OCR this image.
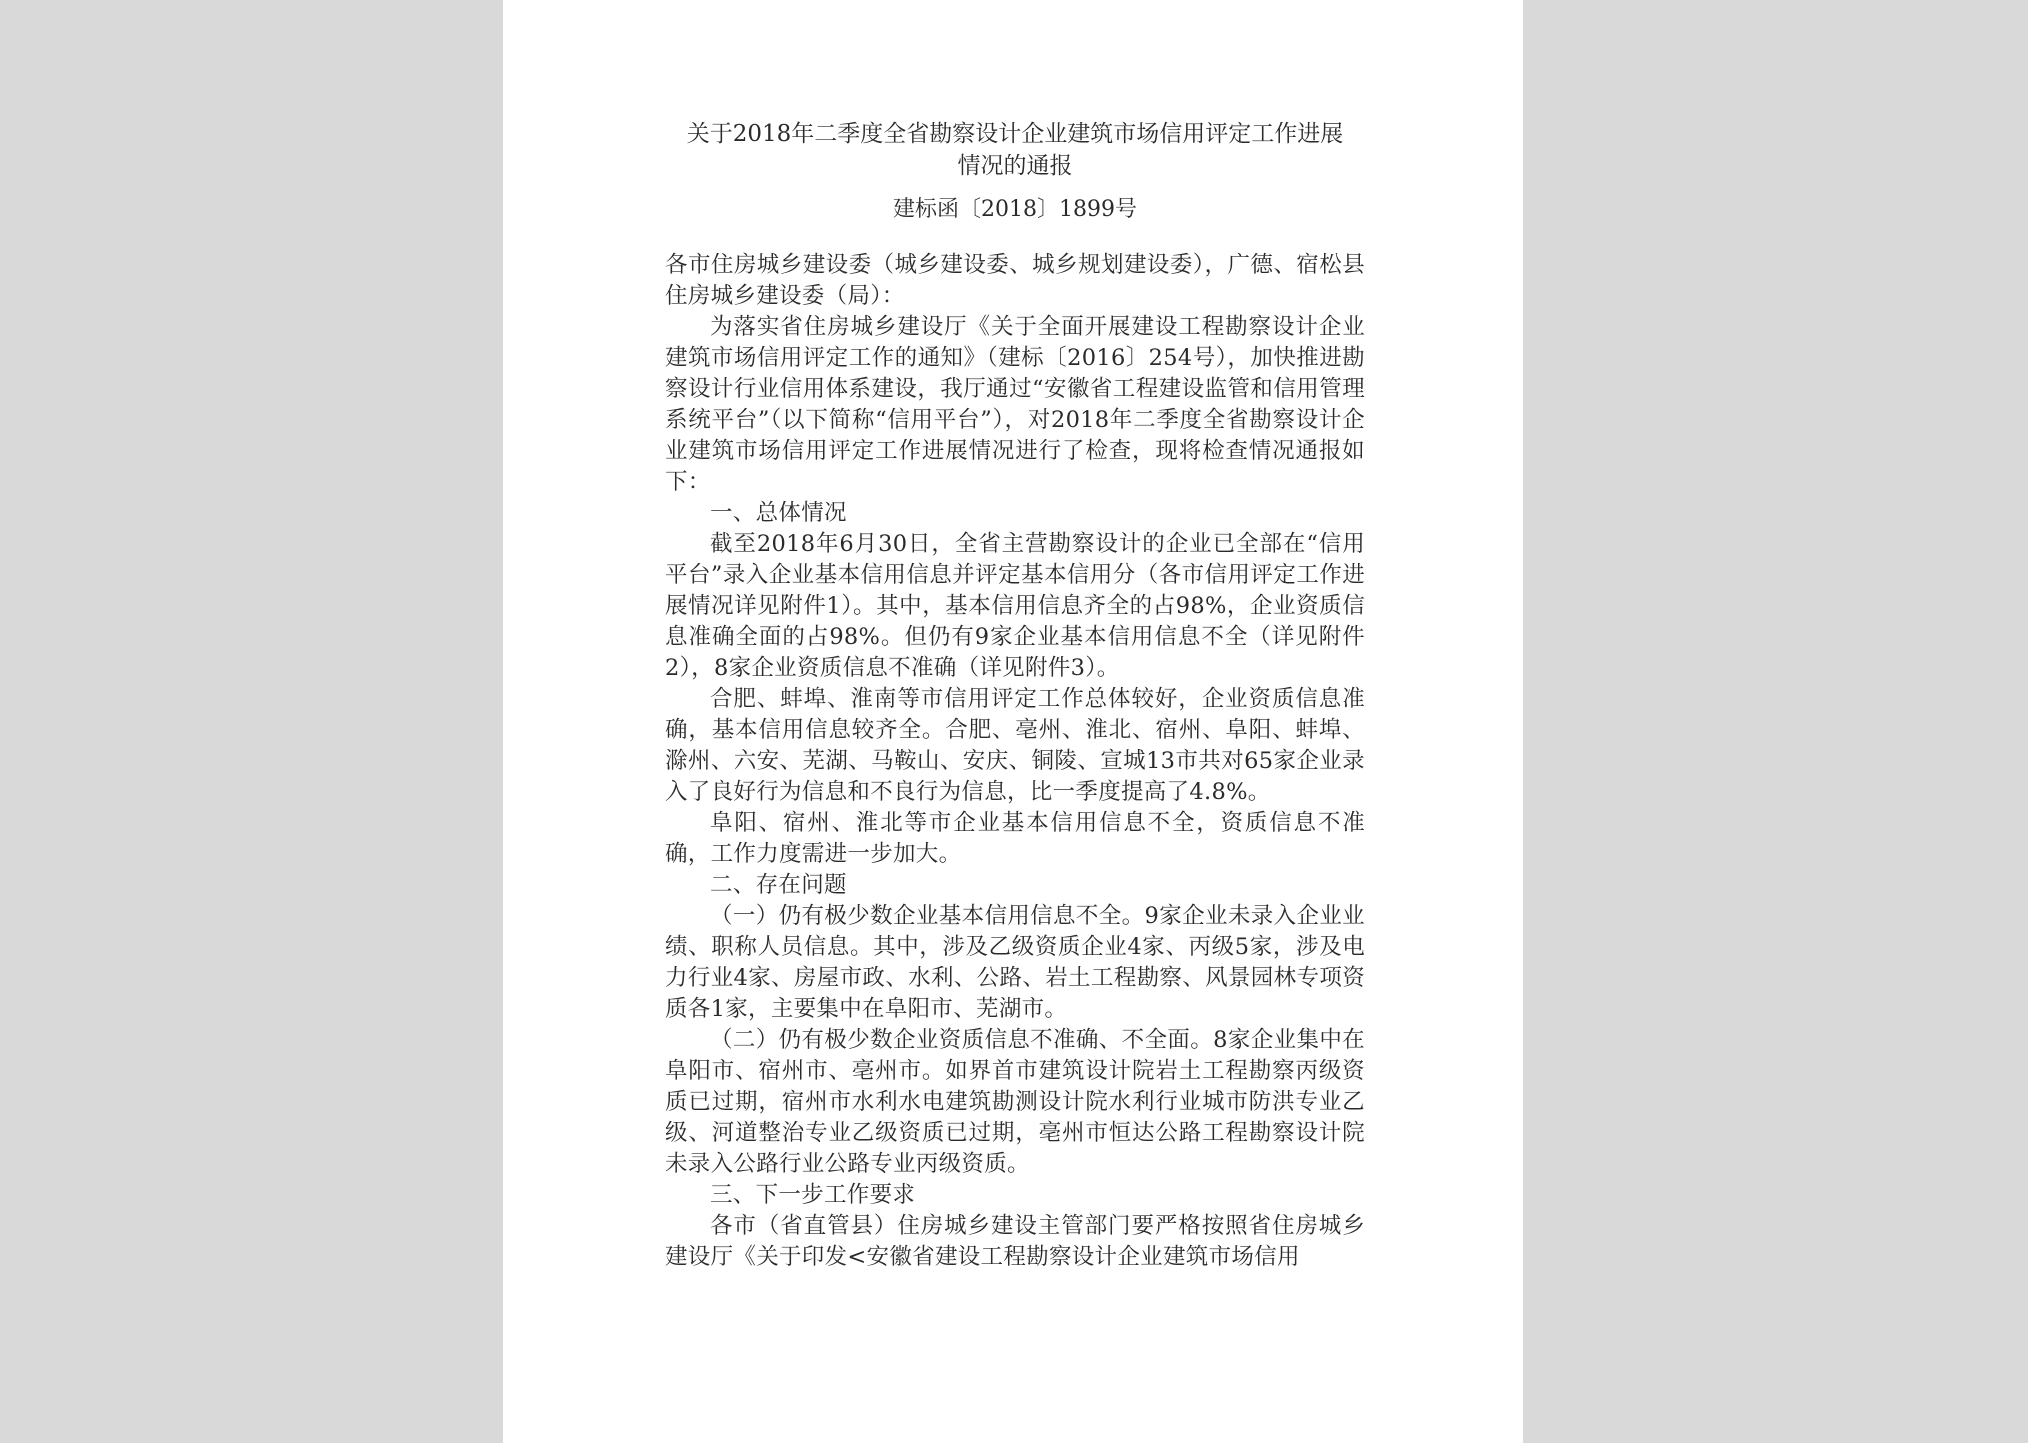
关于2018年二季度全省勘察设计企业建筑市场信用评定工作进展
情况的通报

建标函〔2018〕1899号

各市住房城乡建设委（城乡建设委、城乡规划建设委），广德、宿松县住房城乡建设委（局）：

为落实省住房城乡建设厅《关于全面开展建设工程勘察设计企业建筑市场信用评定工作的通知》（建标〔2016〕254号），加快推进勘察设计行业信用体系建设，我厅通过“安徽省工程建设监管和信用管理系统平台”（以下简称“信用平台”），对2018年二季度全省勘察设计企业建筑市场信用评定工作进展情况进行了检查，现将检查情况通报如下：

一、总体情况

截至2018年6月30日，全省主营勘察设计的企业已全部在“信用平台”录入企业基本信用信息并评定基本信用分（各市信用评定工作进展情况详见附件1）。其中，基本信用信息齐全的占98%，企业资质信息准确全面的占98%。但仍有9家企业基本信用信息不全（详见附件2），8家企业资质信息不准确（详见附件3）。

合肥、蚌埠、淮南等市信用评定工作总体较好，企业资质信息准确，基本信用信息较齐全。合肥、亳州、淮北、宿州、阜阳、蚌埠、滁州、六安、芜湖、马鞍山、安庆、铜陵、宣城13市共对65家企业录入了良好行为信息和不良行为信息，比一季度提高了4.8%。

阜阳、宿州、淮北等市企业基本信用信息不全，资质信息不准确，工作力度需进一步加大。

二、存在问题

（一）仍有极少数企业基本信用信息不全。9家企业未录入企业业绩、职称人员信息。其中，涉及乙级资质企业4家、丙级5家，涉及电力行业4家、房屋市政、水利、公路、岩土工程勘察、风景园林专项资质各1家，主要集中在阜阳市、芜湖市。

（二）仍有极少数企业资质信息不准确、不全面。8家企业集中在阜阳市、宿州市、亳州市。如界首市建筑设计院岩土工程勘察丙级资质已过期，宿州市水利水电建筑勘测设计院水利行业城市防洪专业乙级、河道整治专业乙级资质已过期，亳州市恒达公路工程勘察设计院未录入公路行业公路专业丙级资质。

三、下一步工作要求

各市（省直管县）住房城乡建设主管部门要严格按照省住房城乡建设厅《关于印发<安徽省建设工程勘察设计企业建筑市场信用
